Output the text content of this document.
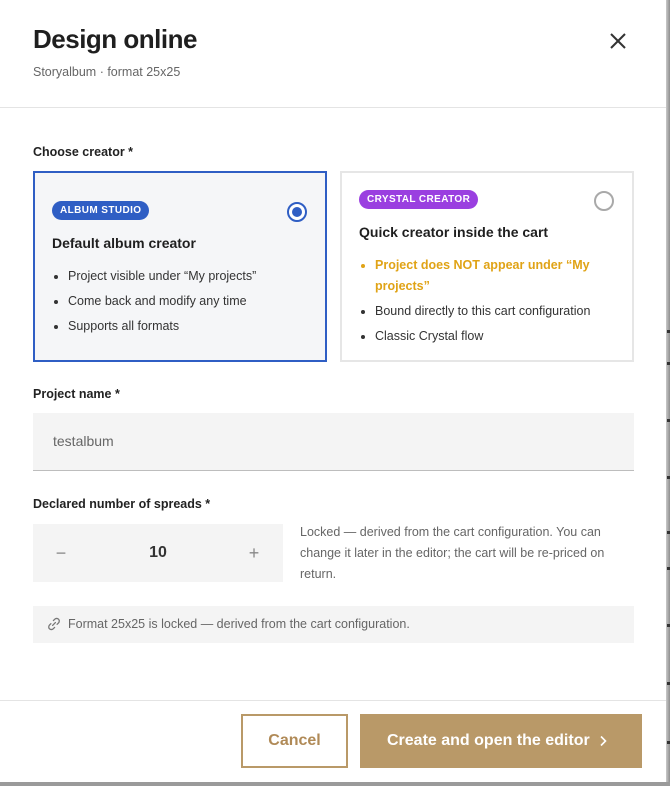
Design online
Storyalbum · format 25x25
Choose creator *
ALBUM STUDIO
Default album creator
Project visible under “My projects”
Come back and modify any time
Supports all formats
CRYSTAL CREATOR
Quick creator inside the cart
Project does NOT appear under “My projects”
Bound directly to this cart configuration
Classic Crystal flow
Project name *
testalbum
Declared number of spreads *
−	10	+

Locked — derived from the cart configuration. You can change it later in the editor; the cart will be re-priced on return.

Format 25x25 is locked — derived from the cart configuration.
Cancel	Create and open the editor
